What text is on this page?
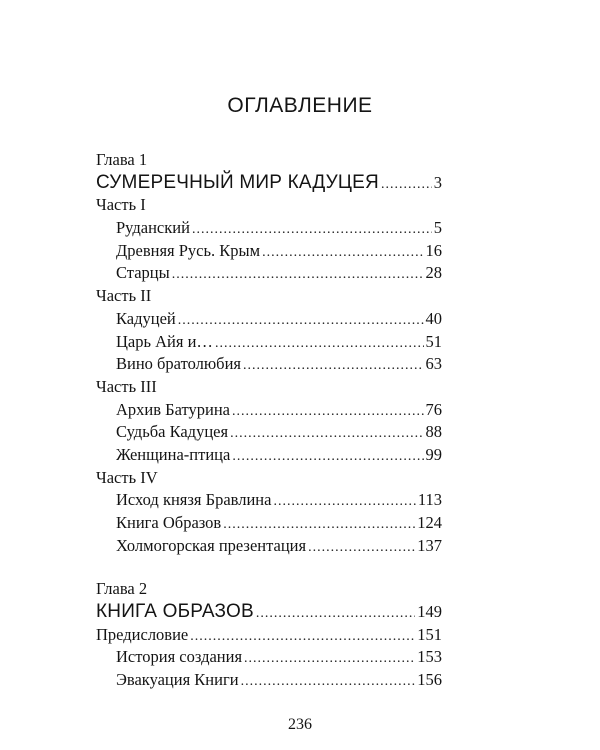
ОГЛАВЛЕНИЕ
Глава 1
СУМЕРЕЧНЫЙ МИР КАДУЦЕЯ .....	3
Часть I
Руданский .....	5
Древняя Русь. Крым .....	16
Старцы .....	28
Часть II
Кадуцей .....	40
Царь Айя и… .....	51
Вино братолюбия .....	63
Часть III
Архив Батурина .....	76
Судьба Кадуцея .....	88
Женщина-птица .....	99
Часть IV
Исход князя Бравлина .....	113
Книга Образов .....	124
Холмогорская презентация .....	137
Глава 2
КНИГА ОБРАЗОВ .....	149
Предисловие .....	151
История создания .....	153
Эвакуация Книги .....	156
236
